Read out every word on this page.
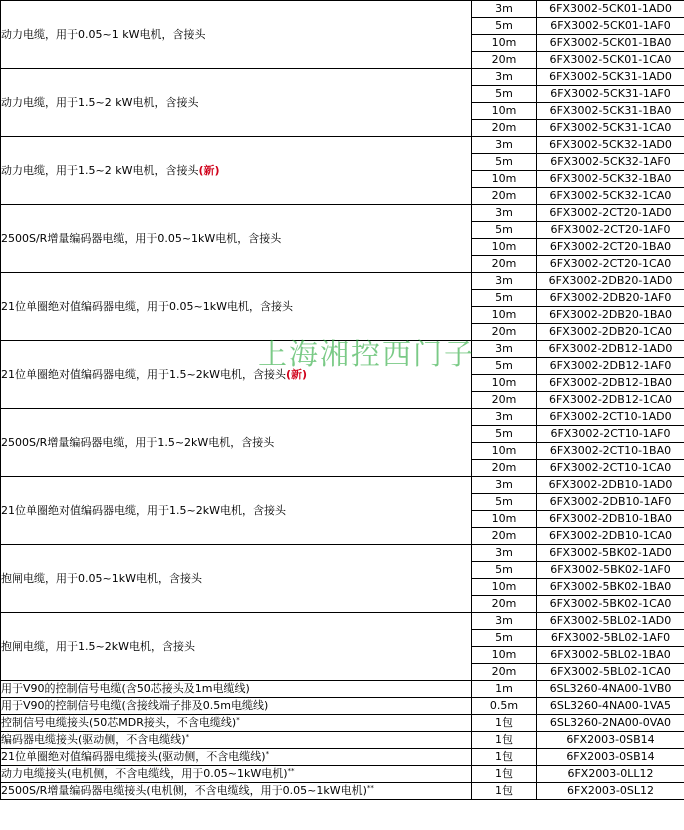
动力电缆，用于0.05~1 kW电机，含接头	3m	6FX3002-5CK01-1AD0
	5m	6FX3002-5CK01-1AF0
	10m	6FX3002-5CK01-1BA0
	20m	6FX3002-5CK01-1CA0
动力电缆，用于1.5~2 kW电机，含接头	3m	6FX3002-5CK31-1AD0
	5m	6FX3002-5CK31-1AF0
	10m	6FX3002-5CK31-1BA0
	20m	6FX3002-5CK31-1CA0
动力电缆，用于1.5~2 kW电机，含接头(新)	3m	6FX3002-5CK32-1AD0
	5m	6FX3002-5CK32-1AF0
	10m	6FX3002-5CK32-1BA0
	20m	6FX3002-5CK32-1CA0
2500S/R增量编码器电缆，用于0.05~1kW电机，含接头	3m	6FX3002-2CT20-1AD0
	5m	6FX3002-2CT20-1AF0
	10m	6FX3002-2CT20-1BA0
	20m	6FX3002-2CT20-1CA0
21位单圈绝对值编码器电缆，用于0.05~1kW电机，含接头	3m	6FX3002-2DB20-1AD0
	5m	6FX3002-2DB20-1AF0
	10m	6FX3002-2DB20-1BA0
	20m	6FX3002-2DB20-1CA0
21位单圈绝对值编码器电缆，用于1.5~2kW电机，含接头(新)	3m	6FX3002-2DB12-1AD0
	5m	6FX3002-2DB12-1AF0
	10m	6FX3002-2DB12-1BA0
	20m	6FX3002-2DB12-1CA0
2500S/R增量编码器电缆，用于1.5~2kW电机，含接头	3m	6FX3002-2CT10-1AD0
	5m	6FX3002-2CT10-1AF0
	10m	6FX3002-2CT10-1BA0
	20m	6FX3002-2CT10-1CA0
21位单圈绝对值编码器电缆，用于1.5~2kW电机，含接头	3m	6FX3002-2DB10-1AD0
	5m	6FX3002-2DB10-1AF0
	10m	6FX3002-2DB10-1BA0
	20m	6FX3002-2DB10-1CA0
抱闸电缆，用于0.05~1kW电机，含接头	3m	6FX3002-5BK02-1AD0
	5m	6FX3002-5BK02-1AF0
	10m	6FX3002-5BK02-1BA0
	20m	6FX3002-5BK02-1CA0
抱闸电缆，用于1.5~2kW电机，含接头	3m	6FX3002-5BL02-1AD0
	5m	6FX3002-5BL02-1AF0
	10m	6FX3002-5BL02-1BA0
	20m	6FX3002-5BL02-1CA0
用于V90的控制信号电缆(含50芯接头及1m电缆线)	1m	6SL3260-4NA00-1VB0
用于V90的控制信号电缆(含接线端子排及0.5m电缆线)	0.5m	6SL3260-4NA00-1VA5
控制信号电缆接头(50芯MDR接头，不含电缆线)*	1包	6SL3260-2NA00-0VA0
编码器电缆接头(驱动侧，不含电缆线)*	1包	6FX2003-0SB14
21位单圈绝对值编码器电缆接头(驱动侧，不含电缆线)*	1包	6FX2003-0SB14
动力电缆接头(电机侧，不含电缆线，用于0.05~1kW电机)**	1包	6FX2003-0LL12
2500S/R增量编码器电缆接头(电机侧，不含电缆线，用于0.05~1kW电机)**	1包	6FX2003-0SL12
上海湘控西门子
